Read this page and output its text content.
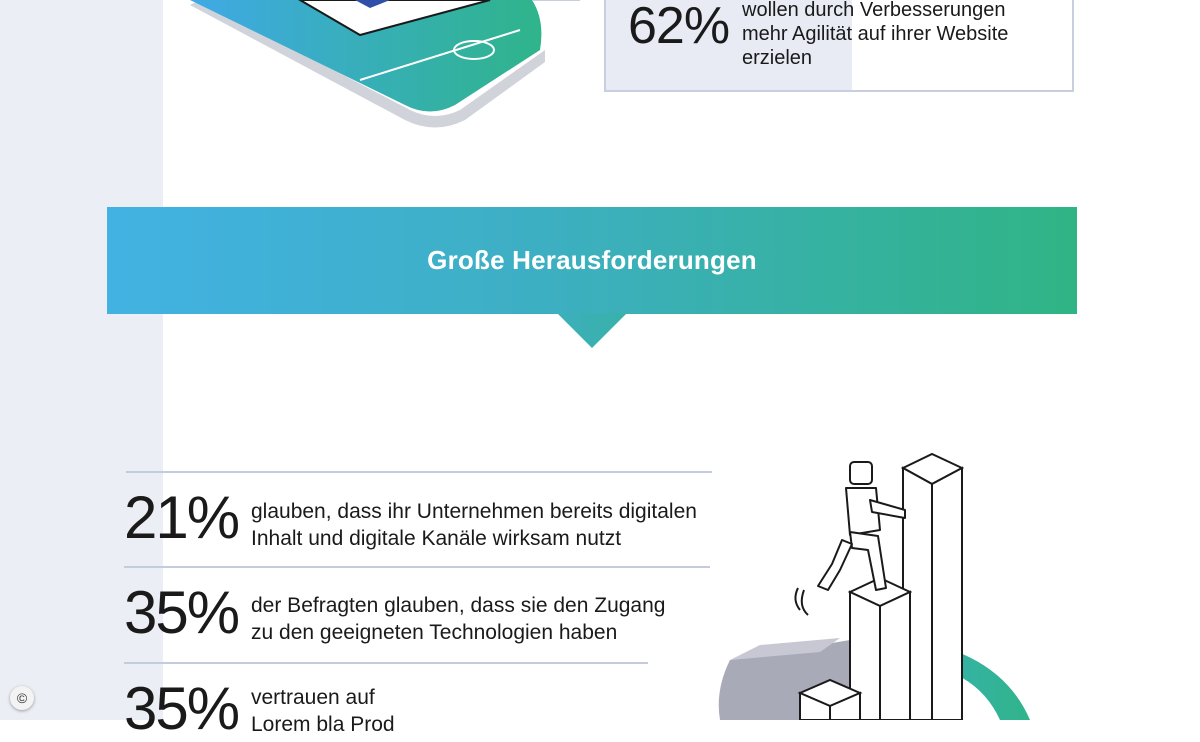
62% wollen durch Verbesserungen
mehr Agilität auf ihrer Website
erzielen
Große Herausforderungen
21% glauben, dass ihr Unternehmen bereits digitalen
Inhalt und digitale Kanäle wirksam nutzt
35% der Befragten glauben, dass sie den Zugang
zu den geeigneten Technologien haben
35% vertrauen auf
Lorem bla Prod
©
